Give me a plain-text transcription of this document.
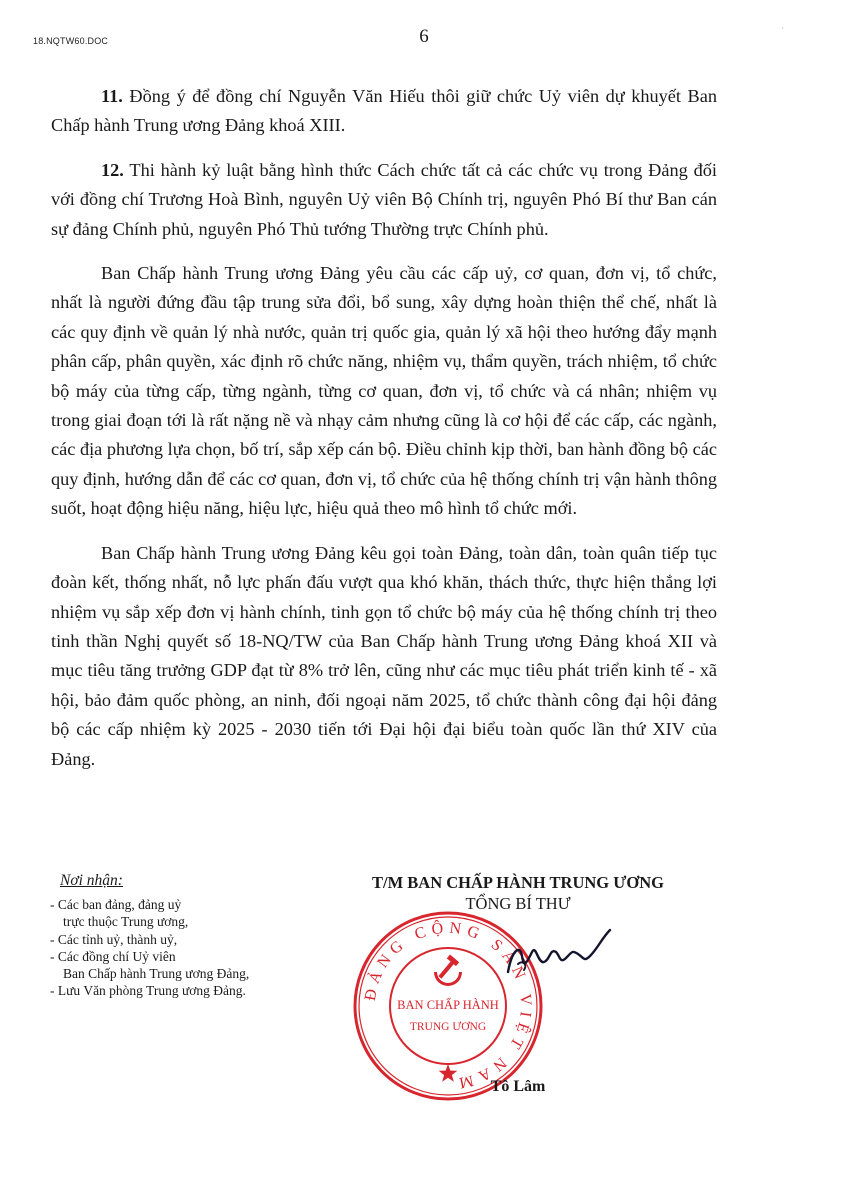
18.NQTW60.DOC	6	´

11. Đồng ý để đồng chí Nguyễn Văn Hiếu thôi giữ chức Uỷ viên dự khuyết Ban Chấp hành Trung ương Đảng khoá XIII.

12. Thi hành kỷ luật bằng hình thức Cách chức tất cả các chức vụ trong Đảng đối với đồng chí Trương Hoà Bình, nguyên Uỷ viên Bộ Chính trị, nguyên Phó Bí thư Ban cán sự đảng Chính phủ, nguyên Phó Thủ tướng Thường trực Chính phủ.

Ban Chấp hành Trung ương Đảng yêu cầu các cấp uỷ, cơ quan, đơn vị, tổ chức, nhất là người đứng đầu tập trung sửa đổi, bổ sung, xây dựng hoàn thiện thể chế, nhất là các quy định về quản lý nhà nước, quản trị quốc gia, quản lý xã hội theo hướng đẩy mạnh phân cấp, phân quyền, xác định rõ chức năng, nhiệm vụ, thẩm quyền, trách nhiệm, tổ chức bộ máy của từng cấp, từng ngành, từng cơ quan, đơn vị, tổ chức và cá nhân; nhiệm vụ trong giai đoạn tới là rất nặng nề và nhạy cảm nhưng cũng là cơ hội để các cấp, các ngành, các địa phương lựa chọn, bố trí, sắp xếp cán bộ. Điều chỉnh kịp thời, ban hành đồng bộ các quy định, hướng dẫn để các cơ quan, đơn vị, tổ chức của hệ thống chính trị vận hành thông suốt, hoạt động hiệu năng, hiệu lực, hiệu quả theo mô hình tổ chức mới.

Ban Chấp hành Trung ương Đảng kêu gọi toàn Đảng, toàn dân, toàn quân tiếp tục đoàn kết, thống nhất, nỗ lực phấn đấu vượt qua khó khăn, thách thức, thực hiện thắng lợi nhiệm vụ sắp xếp đơn vị hành chính, tinh gọn tổ chức bộ máy của hệ thống chính trị theo tinh thần Nghị quyết số 18-NQ/TW của Ban Chấp hành Trung ương Đảng khoá XII và mục tiêu tăng trưởng GDP đạt từ 8% trở lên, cũng như các mục tiêu phát triển kinh tế - xã hội, bảo đảm quốc phòng, an ninh, đối ngoại năm 2025, tổ chức thành công đại hội đảng bộ các cấp nhiệm kỳ 2025 - 2030 tiến tới Đại hội đại biểu toàn quốc lần thứ XIV của Đảng.

Nơi nhận:
- Các ban đảng, đảng uỷ
trực thuộc Trung ương,
- Các tỉnh uỷ, thành uỷ,
- Các đồng chí Uỷ viên
Ban Chấp hành Trung ương Đảng,
- Lưu Văn phòng Trung ương Đảng.
T/M BAN CHẤP HÀNH TRUNG ƯƠNG
TỔNG BÍ THƯ
ĐẢNG CỘNG SẢN VIỆT NAM
BAN CHẤP HÀNH
TRUNG ƯƠNG
Tô Lâm
